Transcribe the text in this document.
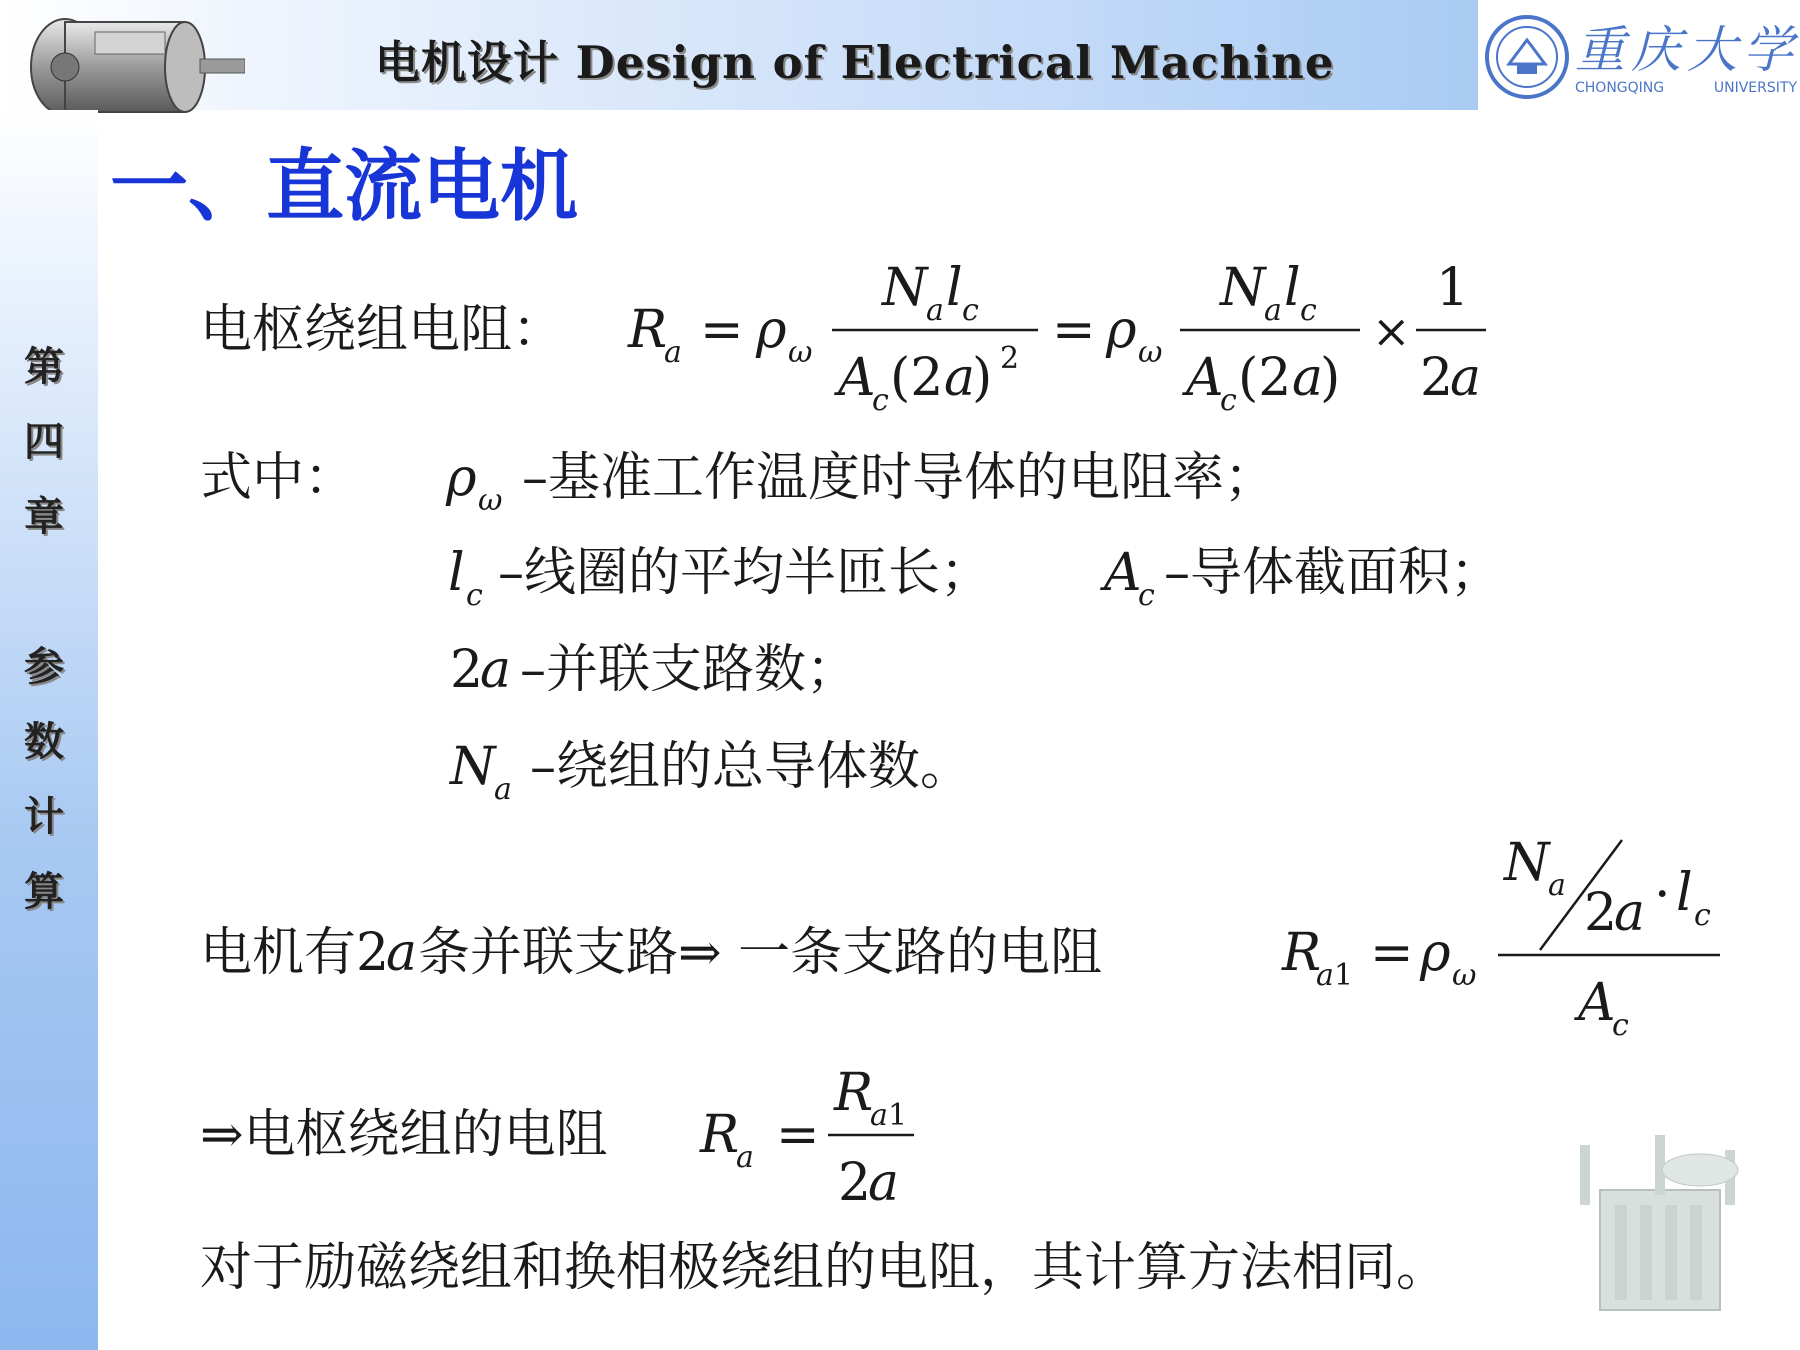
电机设计 Design of Electrical Machine	重庆大学
CHONGQING	UNIVERSITY
第
四
章
参
数
计
算
一、直流电机
电枢绕组电阻： R
a = ρ ω
N
a l c
A
c (2 a
) 2 = ρ ω
N
a l c
A
c (2 a
)
×
1
2
a
式中： ρ ω –基准工作温度时导体的电阻率；
l c –线圈的平均半匝长； A
c –导体截面积；
2
a –并联支路数；
N
a –绕组的总导体数。
电机有 2
a 条并联支路⇒ 一条支路的电阻	R
a 1 = ρ ω
N
a 2
a · l c
A
c
⇒电枢绕组的电阻 R
a =
R
a 1
2
a
对于励磁绕组和换相极绕组的电阻，其计算方法相同。
